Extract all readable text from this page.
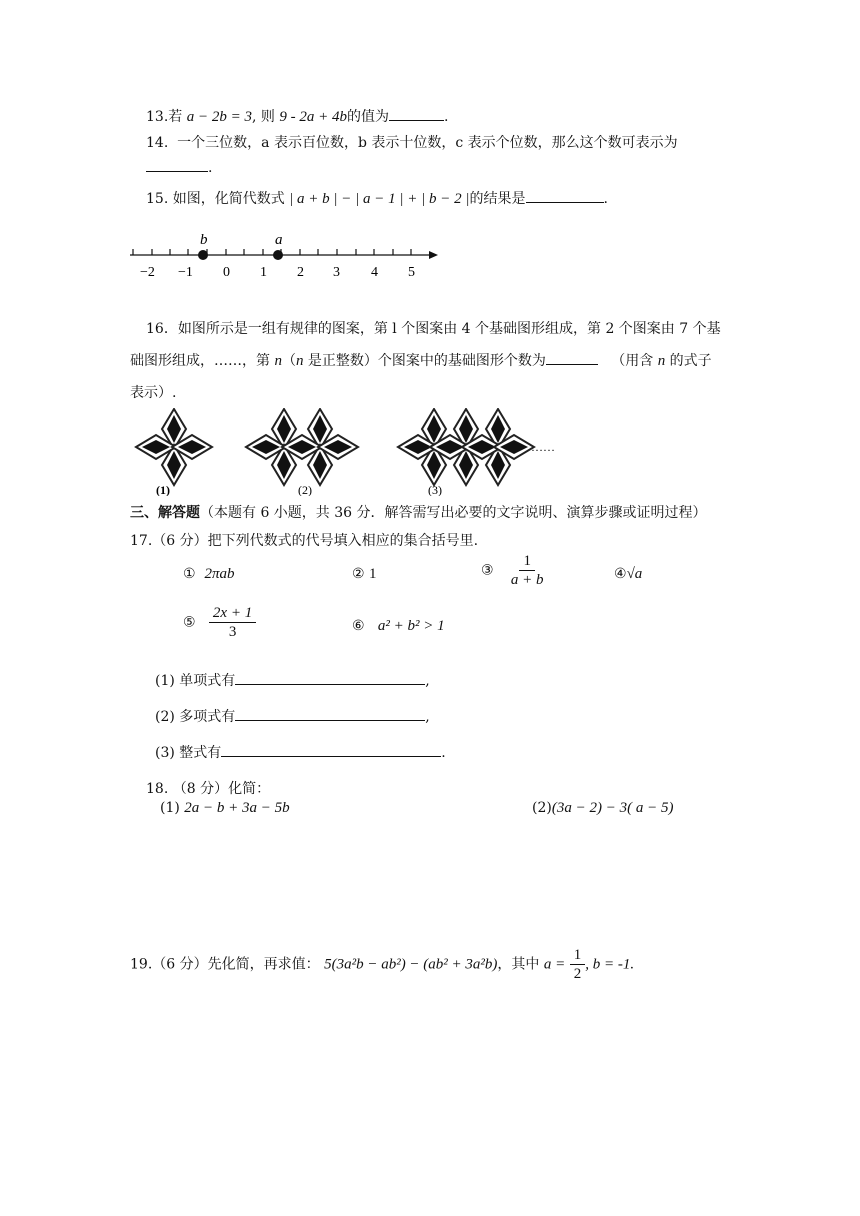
13.若 a − 2b = 3, 则 9 - 2a + 4b的值为	.
14. 一个三位数，a 表示百位数，b 表示十位数，c 表示个位数，那么这个数可表示为
.
15. 如图，化简代数式 | a + b | − | a − 1 | + | b − 2 |的结果是	.
b	a
−2 −1 0 1 2 3 4 5
16．如图所示是一组有规律的图案，第 l 个图案由 4 个基础图形组成，第 2 个图案由 7 个基
础图形组成，……，第 n（n 是正整数）个图案中的基础图形个数为	（用含 n 的式子
表示）.
……
(1)	(2)	(3)
三、解答题（本题有 6 小题，共 36 分．解答需写出必要的文字说明、演算步骤或证明过程）
17.（6 分）把下列代数式的代号填入相应的集合括号里.
① 2πab	② 1	③ $\frac{1}{a + b}$	④√a
⑤ $\frac{2x + 1}{3}$	⑥ a² + b² > 1
(1) 单项式有	,
(2) 多项式有	,
(3) 整式有	.
18. （8 分）化简：
(1) 2a − b + 3a − 5b	(2)(3a − 2) − 3( a − 5)
19.（6 分）先化简，再求值： 5(3a²b − ab²) − (ab² + 3a²b)，其中 $a = \frac{1}{2}$ , b = -1.
